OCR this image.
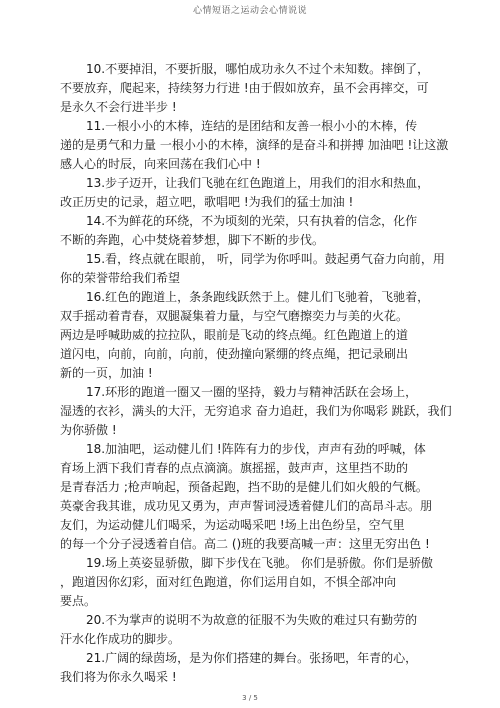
心情短语之运动会心情说说
10.不要掉泪，不要折服，哪怕成功永久不过个未知数。摔倒了，
不要放弃，爬起来，持续努力行进 !由于假如放弃，虽不会再摔交，可
是永久不会行进半步 !
11.一根小小的木棒，连结的是团结和友善一根小小的木棒，传
递的是勇气和力量 一根小小的木棒，演绎的是奋斗和拼搏 加油吧 !让这激
感人心的时辰，向来回荡在我们心中 !
13.步子迈开，让我们飞驰在红色跑道上，用我们的泪水和热血，
改正历史的记录，超立吧，歌唱吧 !为我们的猛士加油 !
14.不为鲜花的环绕，不为顷刻的光荣，只有执着的信念，化作
不断的奔跑，心中焚烧着梦想，脚下不断的步伐。
15.看，终点就在眼前， 听，同学为你呼叫。鼓起勇气奋力向前，用
你的荣誉带给我们希望
16.红色的跑道上，条条跑线跃然于上。健儿们飞驰着，飞驰着，
双手摇动着青春，双腿凝集着力量，与空气磨擦奕力与美的火花。
两边是呼喊助威的拉拉队，眼前是飞动的终点绳。红色跑道上的道
道闪电，向前，向前，向前，使劲撞向紧绷的终点绳，把记录刷出
新的一页，加油 !
17.环形的跑道一圈又一圈的坚持，毅力与精神活跃在会场上，
湿透的衣衫，满头的大汗，无穷追求 奋力追赶，我们为你喝彩 跳跃，我们
为你骄傲 !
18.加油吧，运动健儿们 !阵阵有力的步伐，声声有劲的呼喊，体
育场上洒下我们青春的点点滴滴。旗摇摇，鼓声声，这里挡不助的
是青春活力 ;枪声响起，预备起跑，挡不助的是健儿们如火般的气概。
英豪舍我其谁，成功见又勇为，声声誓词浸透着健儿们的高昂斗志。朋
友们，为运动健儿们喝采，为运动喝采吧 !场上出色纷呈，空气里
的每一个分子浸透着自信。高二 ()班的我要高喊一声：这里无穷出色 !
19.场上英姿显骄傲，脚下步伐在飞驰。 你们是骄傲。你们是骄傲
，跑道因你幻彩，面对红色跑道，你们运用自如，不惧全部冲向
要点。
20.不为掌声的说明不为故意的征服不为失败的难过只有勤劳的
汗水化作成功的脚步。
21.广阔的绿茵场，是为你们搭建的舞台。张扬吧，年青的心，
我们将为你永久喝采 !
3 / 5
